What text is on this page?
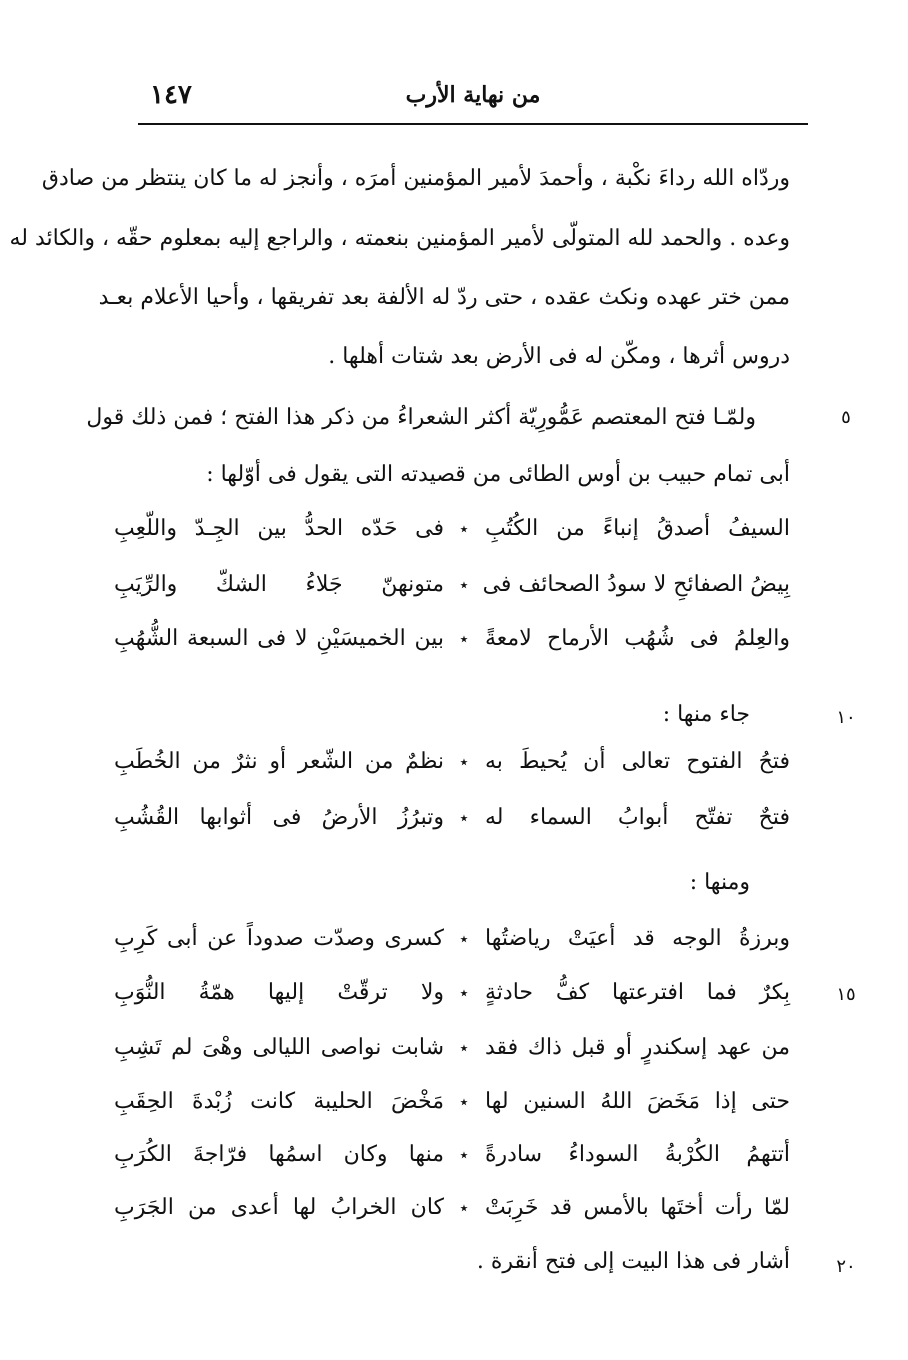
١٤٧	من نهاية الأرب
وردّاه الله رداءَ نكْبة ، وأحمدَ لأمير المؤمنين أمرَه ، وأنجز له ما كان ينتظر من صادق
وعده . والحمد لله المتولّى لأمير المؤمنين بنعمته ، والراجع إليه بمعلوم حقّه ، والكائد له
ممن ختر عهده ونكث عقده ، حتى ردّ له الألفة بعد تفريقها ، وأحيا الأعلام بعـد
دروس أثرها ، ومكّن له فى الأرض بعد شتات أهلها .
ولمّـا فتح المعتصم عَمُّورِيّة أكثر الشعراءُ من ذكر هذا الفتح ؛ فمن ذلك قول	٥
أبى تمام حبيب بن أوس الطائى من قصيدته التى يقول فى أوّلها :
السيفُ أصدقُ إنباءً من الكُتُبِ
٭
فى حَدّه الحدُّ بين الجِـدّ واللّعِبِ
بِيضُ الصفائحِ لا سودُ الصحائف فى
٭
متونهنّ جَلاءُ الشكّ والرِّيَبِ
والعِلمُ فى شُهُب الأرماح لامعةً
٭
بين الخميسَيْنِ لا فى السبعة الشُّهُبِ
جاء منها :	١٠
فتحُ الفتوح تعالى أن يُحيطَ به
٭
نظمٌ من الشّعر أو نثرٌ من الخُطَبِ
فتحٌ تفتّح أبوابُ السماء له
٭
وتبرُزُ الأرضُ فى أثوابها القُشُبِ
ومنها :
وبرزةُ الوجه قد أعيَتْ رياضتُها
٭
كسرى وصدّت صدوداً عن أبى كَرِبِ
بِكرٌ فما افترعتها كفُّ حادثةٍ
٭
ولا ترقّتْ إليها همّةُ النُّوَبِ	١٥
من عهد إسكندرٍ أو قبل ذاك فقد
٭
شابت نواصى الليالى وهْىَ لم تَشِبِ
حتى إذا مَخَضَ اللهُ السنين لها
٭
مَخْضَ الحليبة كانت زُبْدةَ الحِقَبِ
أتتهمُ الكُرْبةُ السوداءُ سادرةً
٭
منها وكان اسمُها فرّاجةَ الكُرَبِ
لمّا رأت أختَها بالأمس قد خَرِبَتْ
٭
كان الخرابُ لها أعدى من الجَرَبِ
أشار فى هذا البيت إلى فتح أنقرة .	٢٠
